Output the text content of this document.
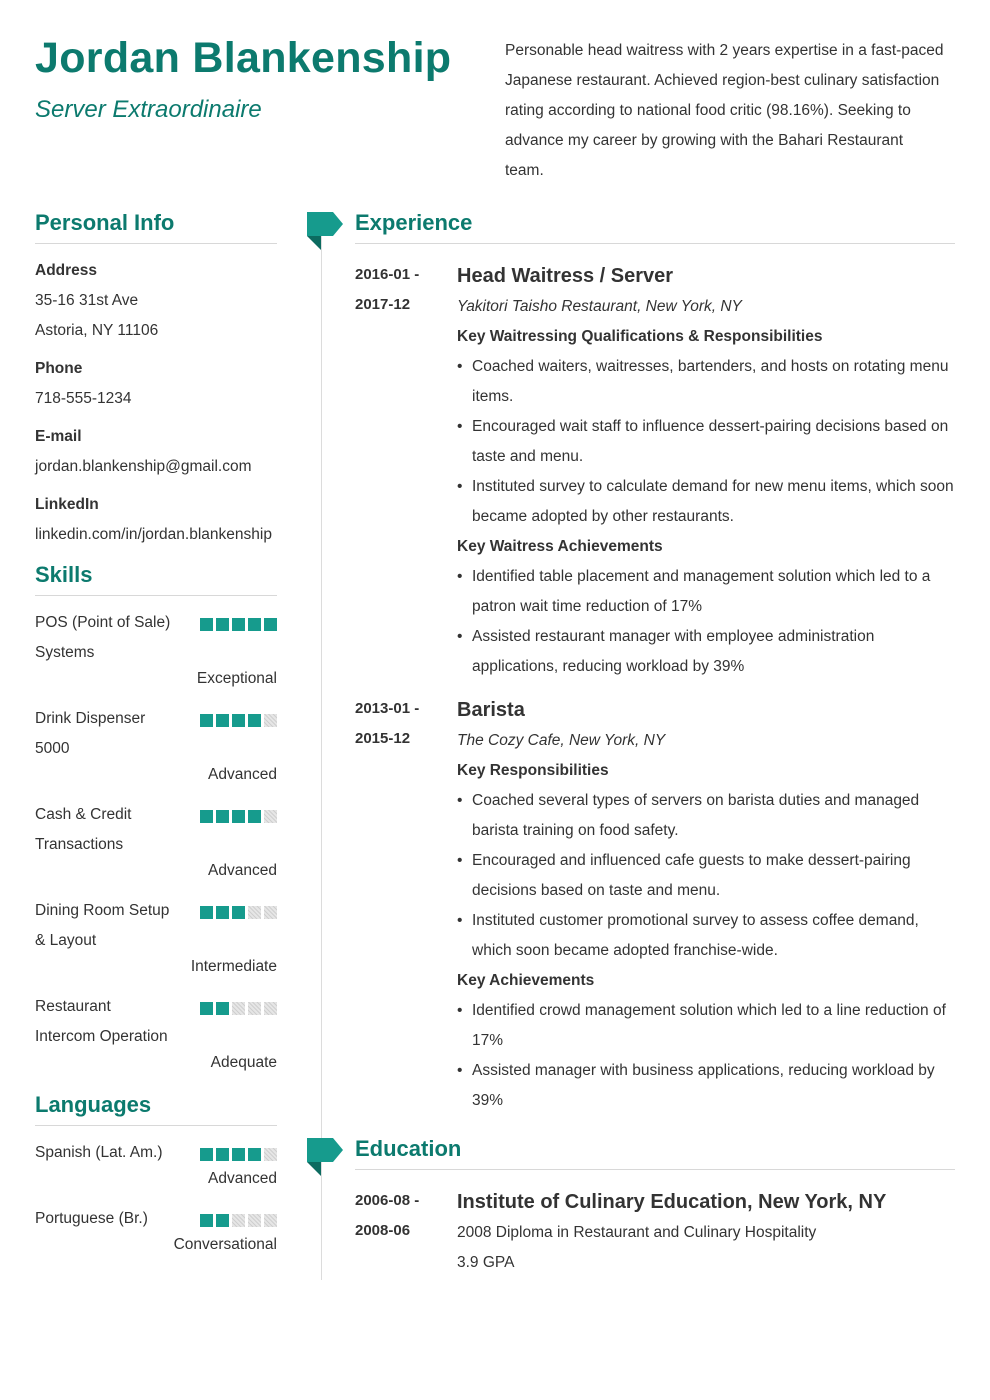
Jordan Blankenship
Server Extraordinaire
Personable head waitress with 2 years expertise in a fast-paced Japanese restaurant. Achieved region-best culinary satisfaction rating according to national food critic (98.16%). Seeking to advance my career by growing with the Bahari Restaurant team.
Personal Info
Address
35-16 31st Ave
Astoria, NY 11106
Phone
718-555-1234
E-mail
jordan.blankenship@gmail.com
LinkedIn
linkedin.com/in/jordan.blankenship
Skills
POS (Point of Sale) Systems
Exceptional
Drink Dispenser 5000
Advanced
Cash & Credit Transactions
Advanced
Dining Room Setup & Layout
Intermediate
Restaurant Intercom Operation
Adequate
Languages
Spanish (Lat. Am.)
Advanced
Portuguese (Br.)
Conversational
Experience
2016-01 -
2017-12
Head Waitress / Server
Yakitori Taisho Restaurant, New York, NY
Key Waitressing Qualifications & Responsibilities
• Coached waiters, waitresses, bartenders, and hosts on rotating menu items.
• Encouraged wait staff to influence dessert-pairing decisions based on taste and menu.
• Instituted survey to calculate demand for new menu items, which soon became adopted by other restaurants.
Key Waitress Achievements
• Identified table placement and management solution which led to a patron wait time reduction of 17%
• Assisted restaurant manager with employee administration applications, reducing workload by 39%
2013-01 -
2015-12
Barista
The Cozy Cafe, New York, NY
Key Responsibilities
• Coached several types of servers on barista duties and managed barista training on food safety.
• Encouraged and influenced cafe guests to make dessert-pairing decisions based on taste and menu.
• Instituted customer promotional survey to assess coffee demand, which soon became adopted franchise-wide.
Key Achievements
• Identified crowd management solution which led to a line reduction of 17%
• Assisted manager with business applications, reducing workload by 39%
Education
2006-08 -
2008-06
Institute of Culinary Education, New York, NY
2008 Diploma in Restaurant and Culinary Hospitality
3.9 GPA
